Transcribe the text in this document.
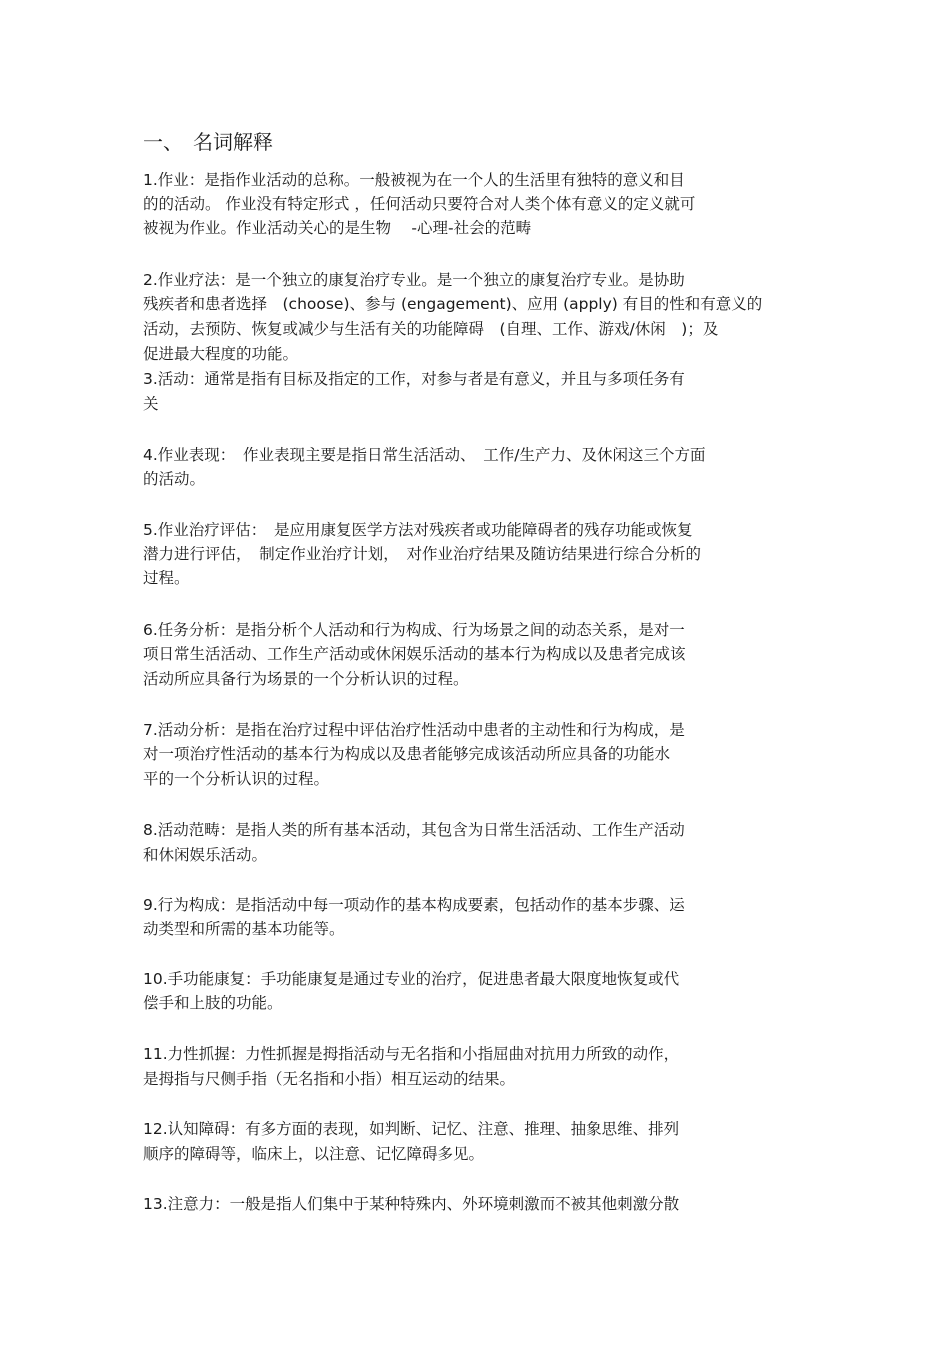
一、　名词解释

1.作业：是指作业活动的总称。一般被视为在一个人的生活里有独特的意义和目

的的活动。 作业没有特定形式 ，任何活动只要符合对人类个体有意义的定义就可

被视为作业。作业活动关心的是生物　 -心理-社会的范畴

2.作业疗法：是一个独立的康复治疗专业。是一个独立的康复治疗专业。是协助

残疾者和患者选择　(choose)、参与 (engagement)、应用 (apply) 有目的性和有意义的

活动，去预防、恢复或减少与生活有关的功能障碍　(自理、工作、游戏/休闲　)；及

促进最大程度的功能。

3.活动：通常是指有目标及指定的工作，对参与者是有意义，并且与多项任务有

关

4.作业表现：　作业表现主要是指日常生活活动、　工作/生产力、及休闲这三个方面

的活动。

5.作业治疗评估：　是应用康复医学方法对残疾者或功能障碍者的残存功能或恢复

潜力进行评估，　制定作业治疗计划，　对作业治疗结果及随访结果进行综合分析的

过程。

6.任务分析：是指分析个人活动和行为构成、行为场景之间的动态关系，是对一

项日常生活活动、工作生产活动或休闲娱乐活动的基本行为构成以及患者完成该

活动所应具备行为场景的一个分析认识的过程。

7.活动分析：是指在治疗过程中评估治疗性活动中患者的主动性和行为构成，是

对一项治疗性活动的基本行为构成以及患者能够完成该活动所应具备的功能水

平的一个分析认识的过程。

8.活动范畴：是指人类的所有基本活动，其包含为日常生活活动、工作生产活动

和休闲娱乐活动。

9.行为构成：是指活动中每一项动作的基本构成要素，包括动作的基本步骤、运

动类型和所需的基本功能等。

10.手功能康复：手功能康复是通过专业的治疗，促进患者最大限度地恢复或代

偿手和上肢的功能。

11.力性抓握：力性抓握是拇指活动与无名指和小指屈曲对抗用力所致的动作，

是拇指与尺侧手指（无名指和小指）相互运动的结果。

12.认知障碍：有多方面的表现，如判断、记忆、注意、推理、抽象思维、排列

顺序的障碍等，临床上，以注意、记忆障碍多见。

13.注意力：一般是指人们集中于某种特殊内、外环境刺激而不被其他刺激分散
